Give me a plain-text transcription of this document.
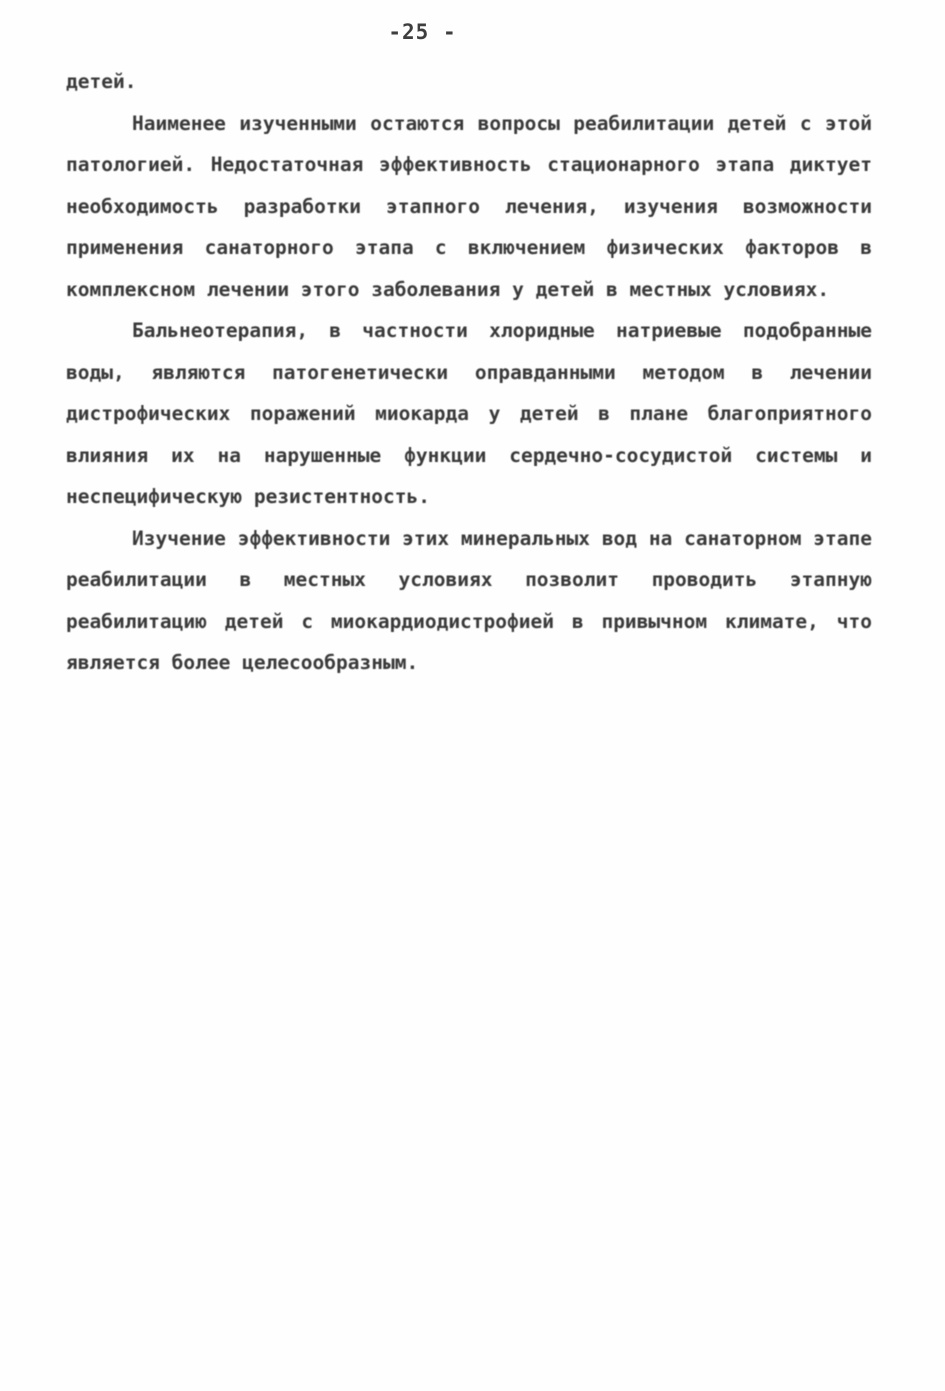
-25 -

детей.

Наименее изученными остаются вопросы реабилитации детей с этой патологией. Недостаточная эффективность стационарного этапа диктует необходимость разработки этапного лечения, изучения возможности применения санаторного этапа с включением физических факторов в комплексном лечении этого заболевания у детей в местных условиях.

Бальнеотерапия, в частности хлоридные натриевые подобранные воды, являются патогенетически оправданными методом в лечении дистрофических поражений миокарда у детей в плане благоприятного влияния их на нарушенные функции сердечно-сосудистой системы и неспецифическую резистентность.

Изучение эффективности этих минеральных вод на санаторном этапе реабилитации в местных условиях позволит проводить этапную реабилитацию детей с миокардиодистрофией в привычном климате, что является более целесообразным.
